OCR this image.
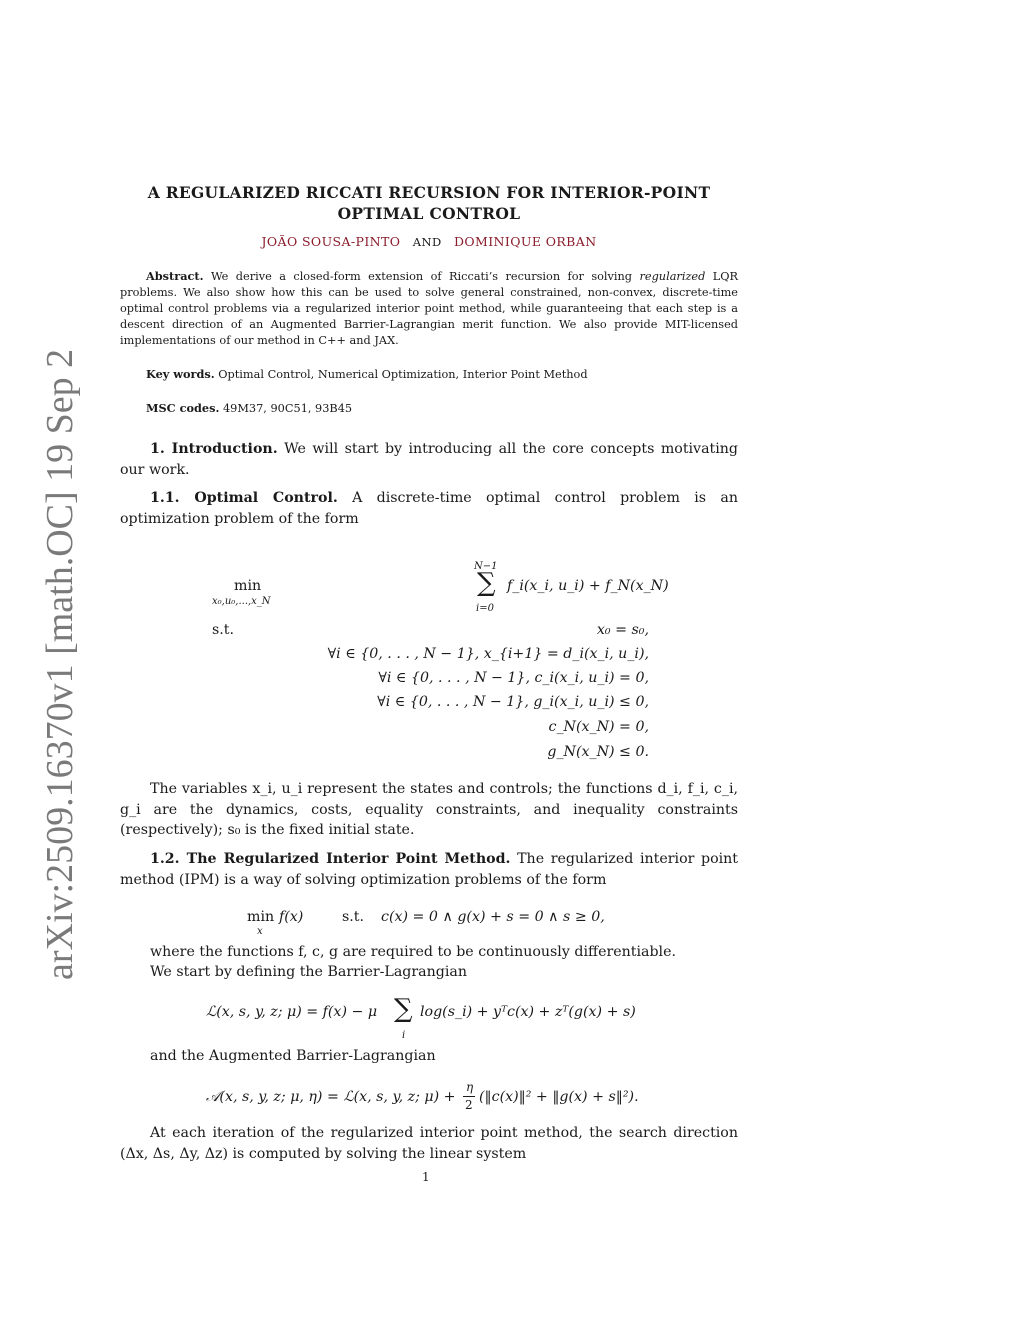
arXiv:2509.16370v1 [math.OC] 19 Sep 2025
A REGULARIZED RICCATI RECURSION FOR INTERIOR-POINT
OPTIMAL CONTROL
JOÃO SOUSA-PINTO AND DOMINIQUE ORBAN
Abstract. We derive a closed-form extension of Riccati’s recursion for solving regularized LQR problems. We also show how this can be used to solve general constrained, non-convex, discrete-time optimal control problems via a regularized interior point method, while guaranteeing that each step is a descent direction of an Augmented Barrier-Lagrangian merit function. We also provide MIT-licensed implementations of our method in C++ and JAX.
Key words. Optimal Control, Numerical Optimization, Interior Point Method
MSC codes. 49M37, 90C51, 93B45
1. Introduction. We will start by introducing all the core concepts motivating our work.
1.1. Optimal Control. A discrete-time optimal control problem is an optimization problem of the form
min
x₀,u₀,...,x_N
N−1
∑
i=0
f_i(x_i, u_i) + f_N(x_N)
s.t.	x₀ = s₀,
∀i ∈ {0, . . . , N − 1}, x_{i+1} = d_i(x_i, u_i),
∀i ∈ {0, . . . , N − 1}, c_i(x_i, u_i) = 0,
∀i ∈ {0, . . . , N − 1}, g_i(x_i, u_i) ≤ 0,
c_N(x_N) = 0,
g_N(x_N) ≤ 0.
The variables x_i, u_i represent the states and controls; the functions d_i, f_i, c_i, g_i are the dynamics, costs, equality constraints, and inequality constraints (respectively); s₀ is the fixed initial state.
1.2. The Regularized Interior Point Method. The regularized interior point method (IPM) is a way of solving optimization problems of the form
min
x
f(x)	s.t. c(x) = 0 ∧ g(x) + s = 0 ∧ s ≥ 0,
where the functions f, c, g are required to be continuously differentiable.
We start by defining the Barrier-Lagrangian
ℒ(x, s, y, z; μ) = f(x) − μ ∑
i
log(s_i) + yᵀc(x) + zᵀ(g(x) + s)
and the Augmented Barrier-Lagrangian
𝒜(x, s, y, z; μ, η) = ℒ(x, s, y, z; μ) +
η
2 (‖c(x)‖² + ‖g(x) + s‖²).
At each iteration of the regularized interior point method, the search direction (Δx, Δs, Δy, Δz) is computed by solving the linear system
1
